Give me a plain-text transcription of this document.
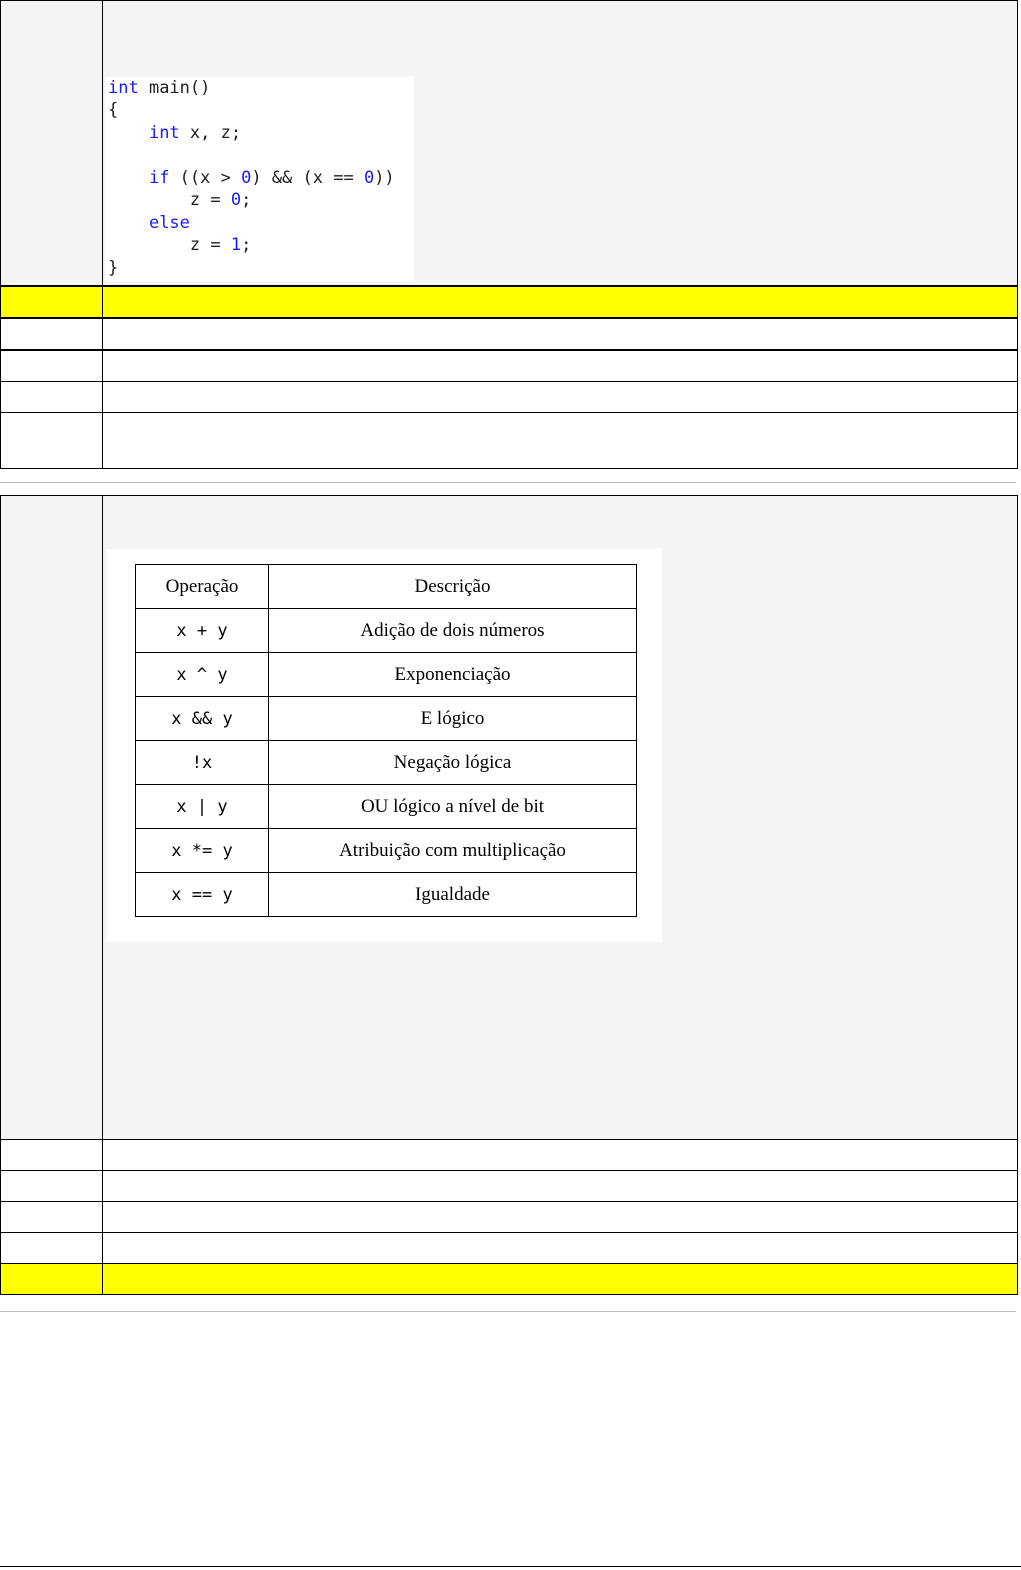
int main()
{
int x, z;
if ((x > 0) && (x == 0))
z = 0;
else
z = 1;
}

Operação	Descrição
x + y	Adição de dois números
x ^ y	Exponenciação
x && y	E lógico
!x	Negação lógica
x | y	OU lógico a nível de bit
x *= y	Atribuição com multiplicação
x == y	Igualdade
